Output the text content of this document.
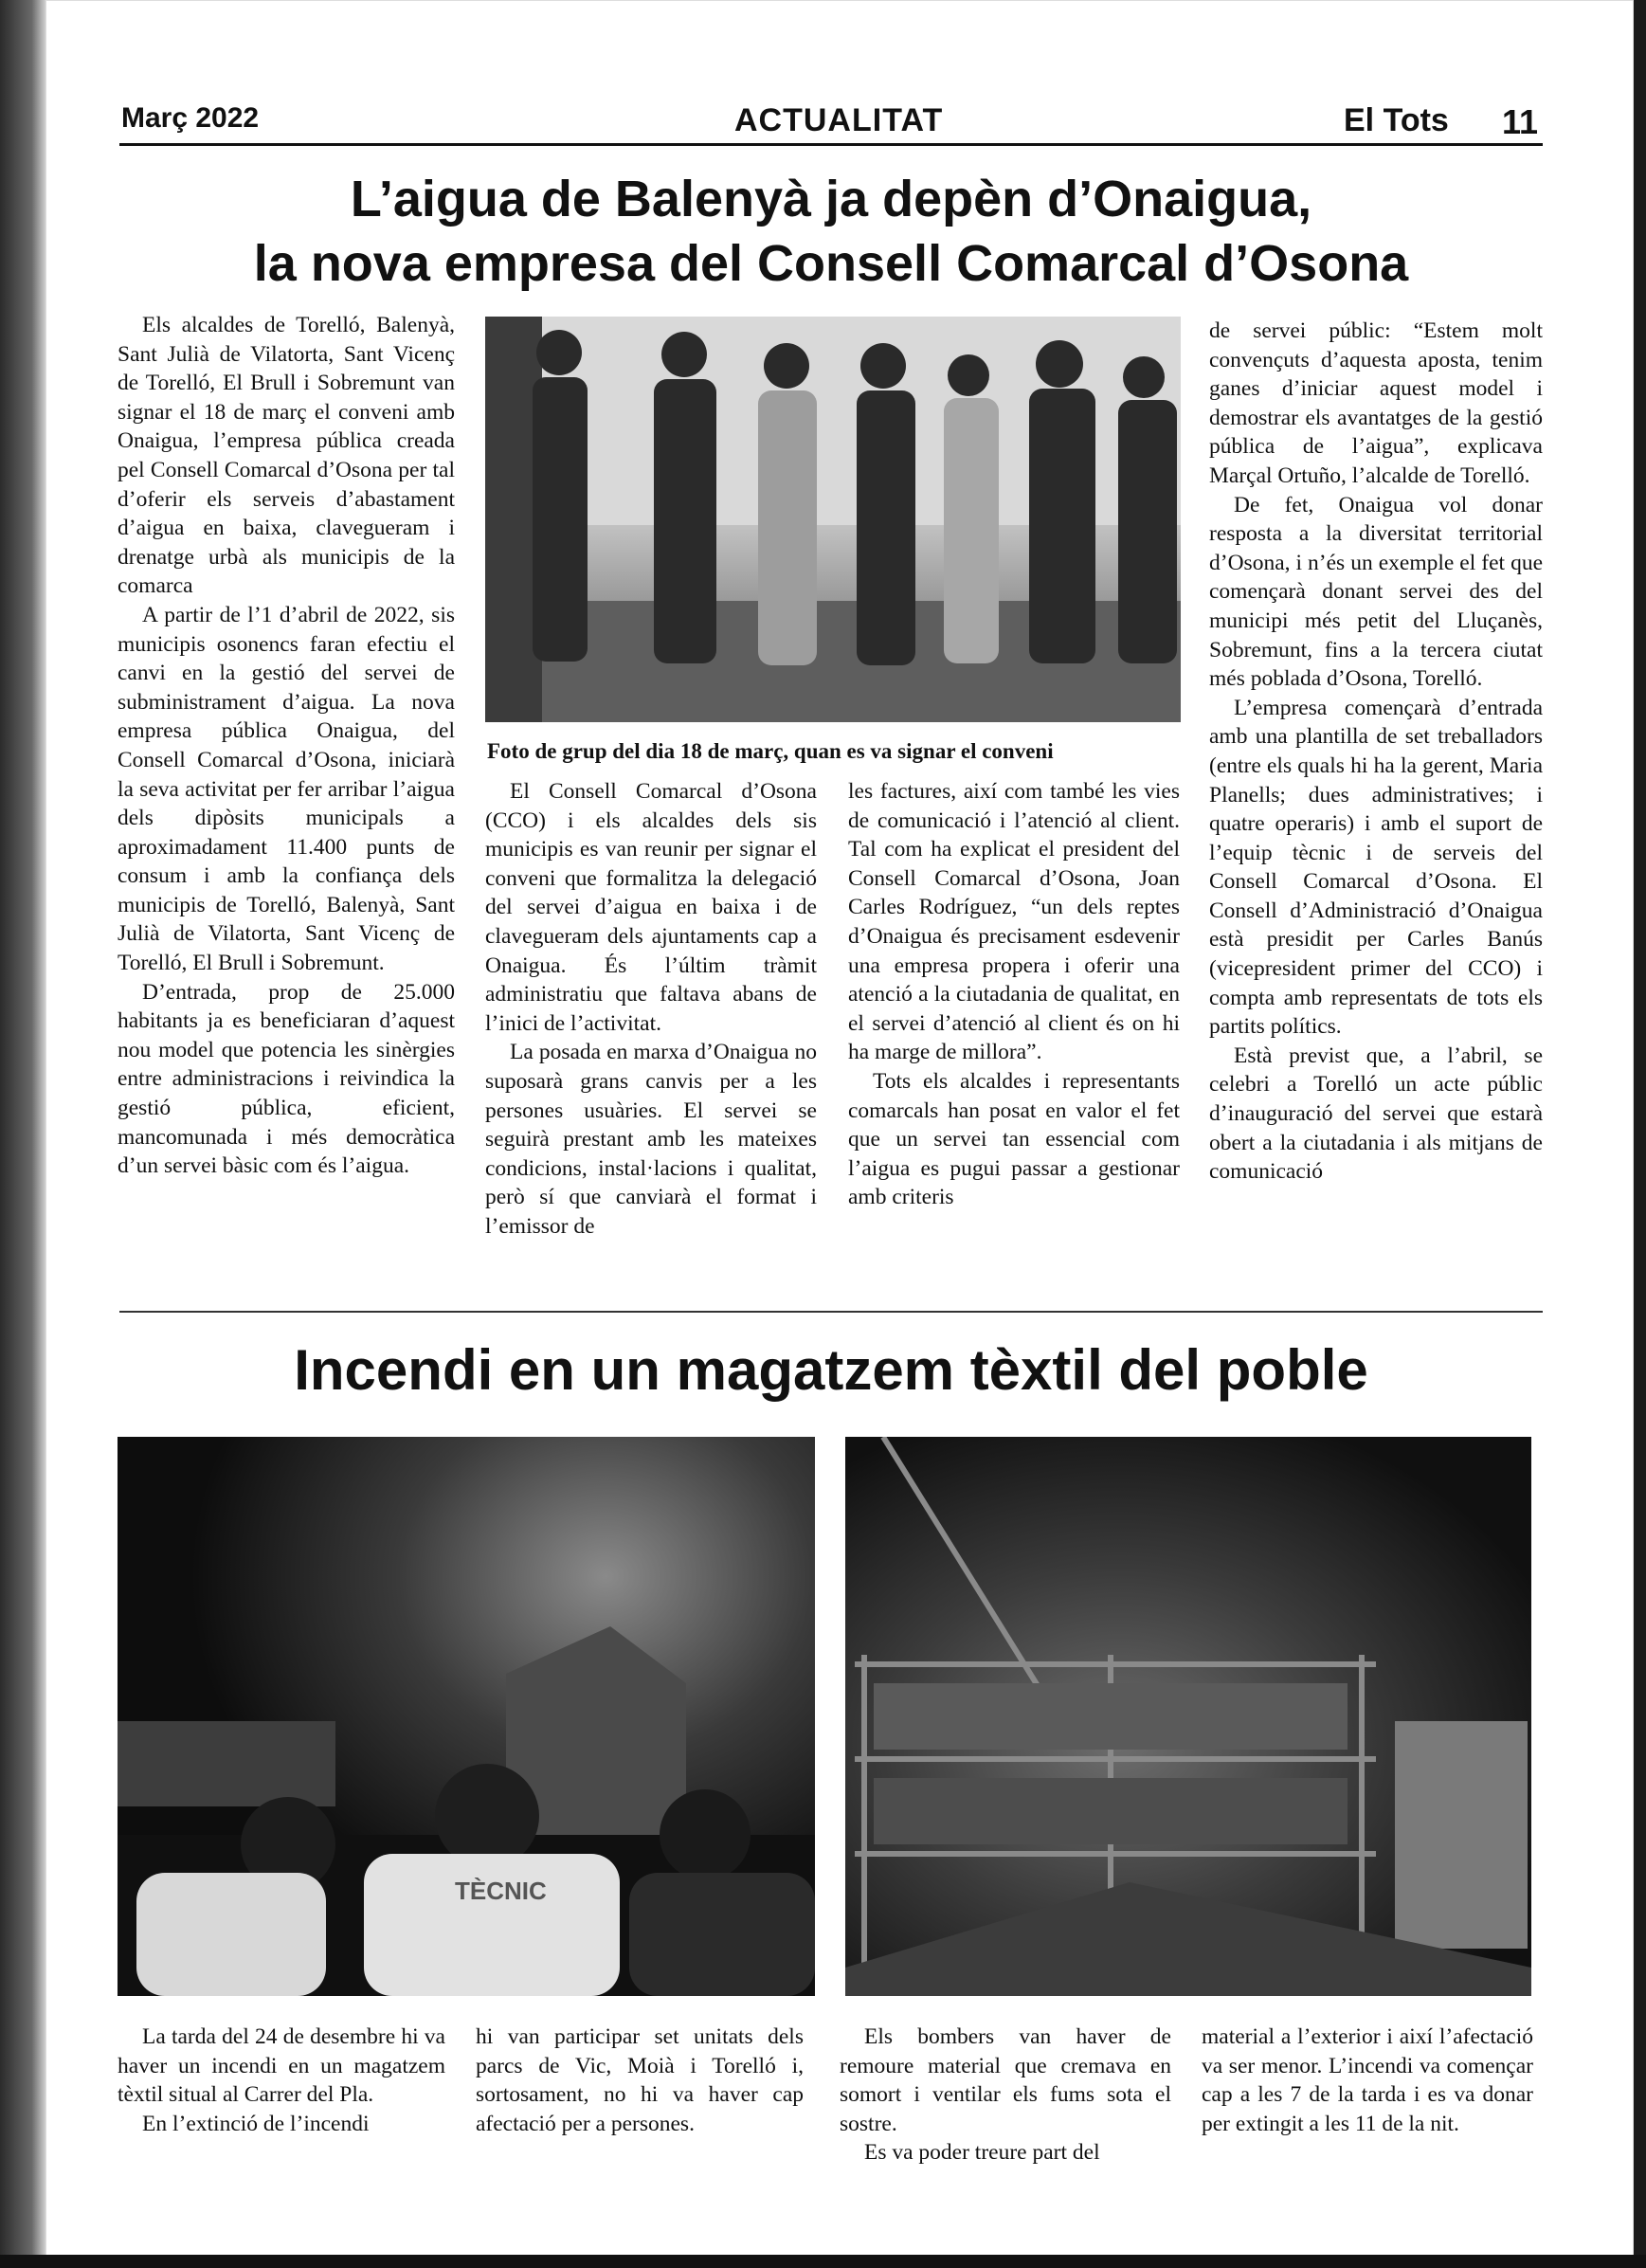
Març 2022	ACTUALITAT	El Tots 11
L’aigua de Balenyà ja depèn d’Onaigua,
la nova empresa del Consell Comarcal d’Osona

Els alcaldes de Torelló, Balenyà, Sant Julià de Vilatorta, Sant Vicenç de Torelló, El Brull i Sobremunt van signar el 18 de març el conveni amb Onaigua, l’empresa pública creada pel Consell Comarcal d’Osona per tal d’oferir els serveis d’abastament d’aigua en baixa, clavegueram i drenatge urbà als municipis de la comarca

A partir de l’1 d’abril de 2022, sis municipis osonencs faran efectiu el canvi en la gestió del servei de subministrament d’aigua. La nova empresa pública Onaigua, del Consell Comarcal d’Osona, iniciarà la seva activitat per fer arribar l’aigua dels dipòsits municipals a aproximadament 11.400 punts de consum i amb la confiança dels municipis de Torelló, Balenyà, Sant Julià de Vilatorta, Sant Vicenç de Torelló, El Brull i Sobremunt.

D’entrada, prop de 25.000 habitants ja es beneficiaran d’aquest nou model que potencia les sinèrgies entre administracions i reivindica la gestió pública, eficient, mancomunada i més democràtica d’un servei bàsic com és l’aigua.

Foto de grup del dia 18 de març, quan es va signar el conveni

El Consell Comarcal d’Osona (CCO) i els alcaldes dels sis municipis es van reunir per signar el conveni que formalitza la delegació del servei d’aigua en baixa i de clavegueram dels ajuntaments cap a Onaigua. És l’últim tràmit administratiu que faltava abans de l’inici de l’activitat.

La posada en marxa d’Onaigua no suposarà grans canvis per a les persones usuàries. El servei se seguirà prestant amb les mateixes condicions, instal·lacions i qualitat, però sí que canviarà el format i l’emissor de

les factures, així com també les vies de comunicació i l’atenció al client. Tal com ha explicat el president del Consell Comarcal d’Osona, Joan Carles Rodríguez, “un dels reptes d’Onaigua és precisament esdevenir una empresa propera i oferir una atenció a la ciutadania de qualitat, en el servei d’atenció al client és on hi ha marge de millora”.

Tots els alcaldes i representants comarcals han posat en valor el fet que un servei tan essencial com l’aigua es pugui passar a gestionar amb criteris

de servei públic: “Estem molt convençuts d’aquesta aposta, tenim ganes d’iniciar aquest model i demostrar els avantatges de la gestió pública de l’aigua”, explicava Marçal Ortuño, l’alcalde de Torelló.

De fet, Onaigua vol donar resposta a la diversitat territorial d’Osona, i n’és un exemple el fet que començarà donant servei des del municipi més petit del Lluçanès, Sobremunt, fins a la tercera ciutat més poblada d’Osona, Torelló.

L’empresa començarà d’entrada amb una plantilla de set treballadors (entre els quals hi ha la gerent, Maria Planells; dues administratives; i quatre operaris) i amb el suport de l’equip tècnic i de serveis del Consell Comarcal d’Osona. El Consell d’Administració d’Onaigua està presidit per Carles Banús (vicepresident primer del CCO) i compta amb representats de tots els partits polítics.

Està previst que, a l’abril, se celebri a Torelló un acte públic d’inauguració del servei que estarà obert a la ciutadania i als mitjans de comunicació

Incendi en un magatzem tèxtil del poble
TÈCNIC

La tarda del 24 de desembre hi va haver un incendi en un magatzem tèxtil situal al Carrer del Pla.

En l’extinció de l’incendi

hi van participar set unitats dels parcs de Vic, Moià i Torelló i, sortosament, no hi va haver cap afectació per a persones.

Els bombers van haver de remoure material que cremava en somort i ventilar els fums sota el sostre.

Es va poder treure part del

material a l’exterior i així l’afectació va ser menor. L’incendi va començar cap a les 7 de la tarda i es va donar per extingit a les 11 de la nit.
